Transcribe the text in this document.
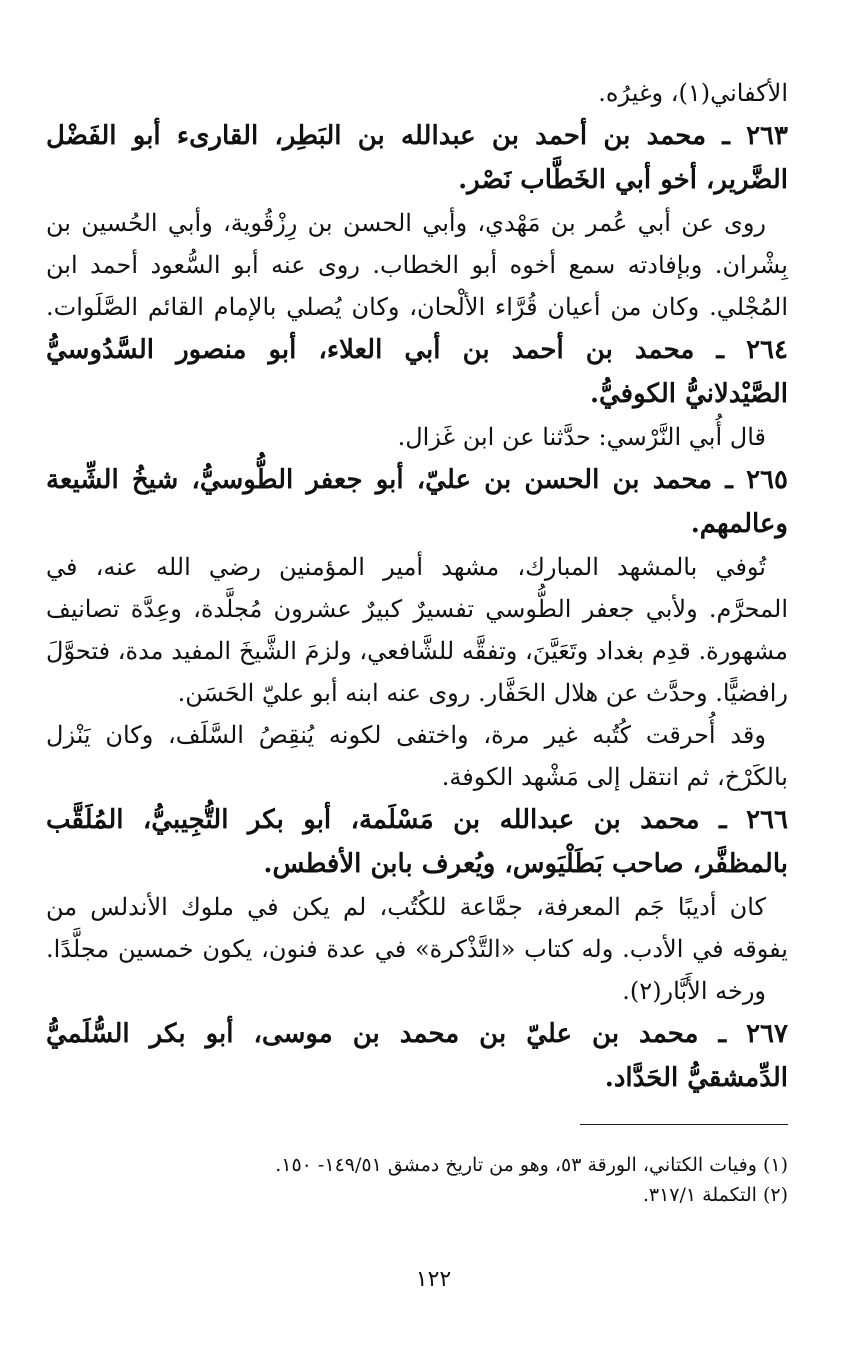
الأكفاني(١)، وغيرُه.
٢٦٣ ـ محمد بن أحمد بن عبدالله بن البَطِر، القارىء أبو الفَضْل
الضَّرير، أخو أبي الخَطَّاب نَصْر.
روى عن أبي عُمر بن مَهْدي، وأبي الحسن بن رِزْقُوية، وأبي الحُسين بن
بِشْران. وبإفادته سمع أخوه أبو الخطاب. روى عنه أبو السُّعود أحمد ابن
المُجْلي. وكان من أعيان قُرَّاء الألْحان، وكان يُصلي بالإمام القائم الصَّلَوات.
٢٦٤ ـ محمد بن أحمد بن أبي العلاء، أبو منصور السَّدُوسيُّ
الصَّيْدلانيُّ الكوفيُّ.
قال أُبي النَّرْسي: حدَّثنا عن ابن غَزال.
٢٦٥ ـ محمد بن الحسن بن عليّ، أبو جعفر الطُّوسيُّ، شيخُ الشِّيعة
وعالمهم.
تُوفي بالمشهد المبارك، مشهد أمير المؤمنين رضي الله عنه، في
المحرَّم. ولأبي جعفر الطُّوسي تفسيرٌ كبيرٌ عشرون مُجلَّدة، وعِدَّة تصانيف
مشهورة. قدِم بغداد وتَعَيَّنَ، وتفقَّه للشَّافعي، ولزمَ الشَّيخَ المفيد مدة، فتحوَّلَ
رافضيًّا. وحدَّث عن هلال الحَفَّار. روى عنه ابنه أبو عليّ الحَسَن.
وقد أُحرقت كُتُبه غير مرة، واختفى لكونه يُنقِصُ السَّلَف، وكان يَنْزل
بالكَرْخ، ثم انتقل إلى مَشْهد الكوفة.
٢٦٦ ـ محمد بن عبدالله بن مَسْلَمة، أبو بكر التُّجِيبيُّ، المُلَقَّب
بالمظفَّر، صاحب بَطَلْيَوس، ويُعرف بابن الأفطس.
كان أديبًا جَم المعرفة، جمَّاعة للكُتُب، لم يكن في ملوك الأندلس من
يفوقه في الأدب. وله كتاب «التَّذْكرة» في عدة فنون، يكون خمسين مجلَّدًا.
ورخه الأَبَّار(٢).
٢٦٧ ـ محمد بن عليّ بن محمد بن موسى، أبو بكر السُّلَميُّ
الدِّمشقيُّ الحَدَّاد.
(١) وفيات الكتاني، الورقة ٥٣، وهو من تاريخ دمشق ١٤٩/٥١- ١٥٠.
(٢) التكملة ٣١٧/١.
١٢٢
